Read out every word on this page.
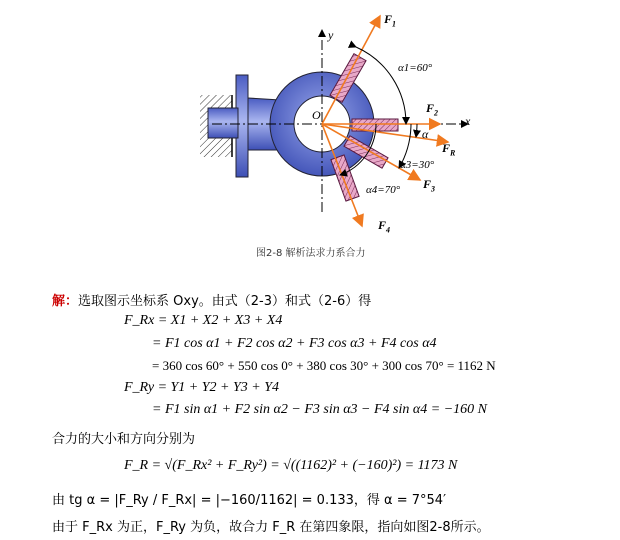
y
x
O
$F_1$
$F_2$
$F_R$
$F_3$
$F_4$
α1=60°
α
α3=30°
α4=70°
图2-8 解析法求力系合力
解：选取图示坐标系 Oxy。由式（2-3）和式（2-6）得
F_Rx = X1 + X2 + X3 + X4
= F1 cos α1 + F2 cos α2 + F3 cos α3 + F4 cos α4
= 360 cos 60° + 550 cos 0° + 380 cos 30° + 300 cos 70° = 1162 N
F_Ry = Y1 + Y2 + Y3 + Y4
= F1 sin α1 + F2 sin α2 − F3 sin α3 − F4 sin α4 = −160 N
合力的大小和方向分别为
F_R = √(F_Rx² + F_Ry²) = √((1162)² + (−160)²) = 1173 N
由 tg α = |F_Ry / F_Rx| = |−160/1162| = 0.133，得 α = 7°54′
由于 F_Rx 为正，F_Ry 为负，故合力 F_R 在第四象限，指向如图2-8所示。
